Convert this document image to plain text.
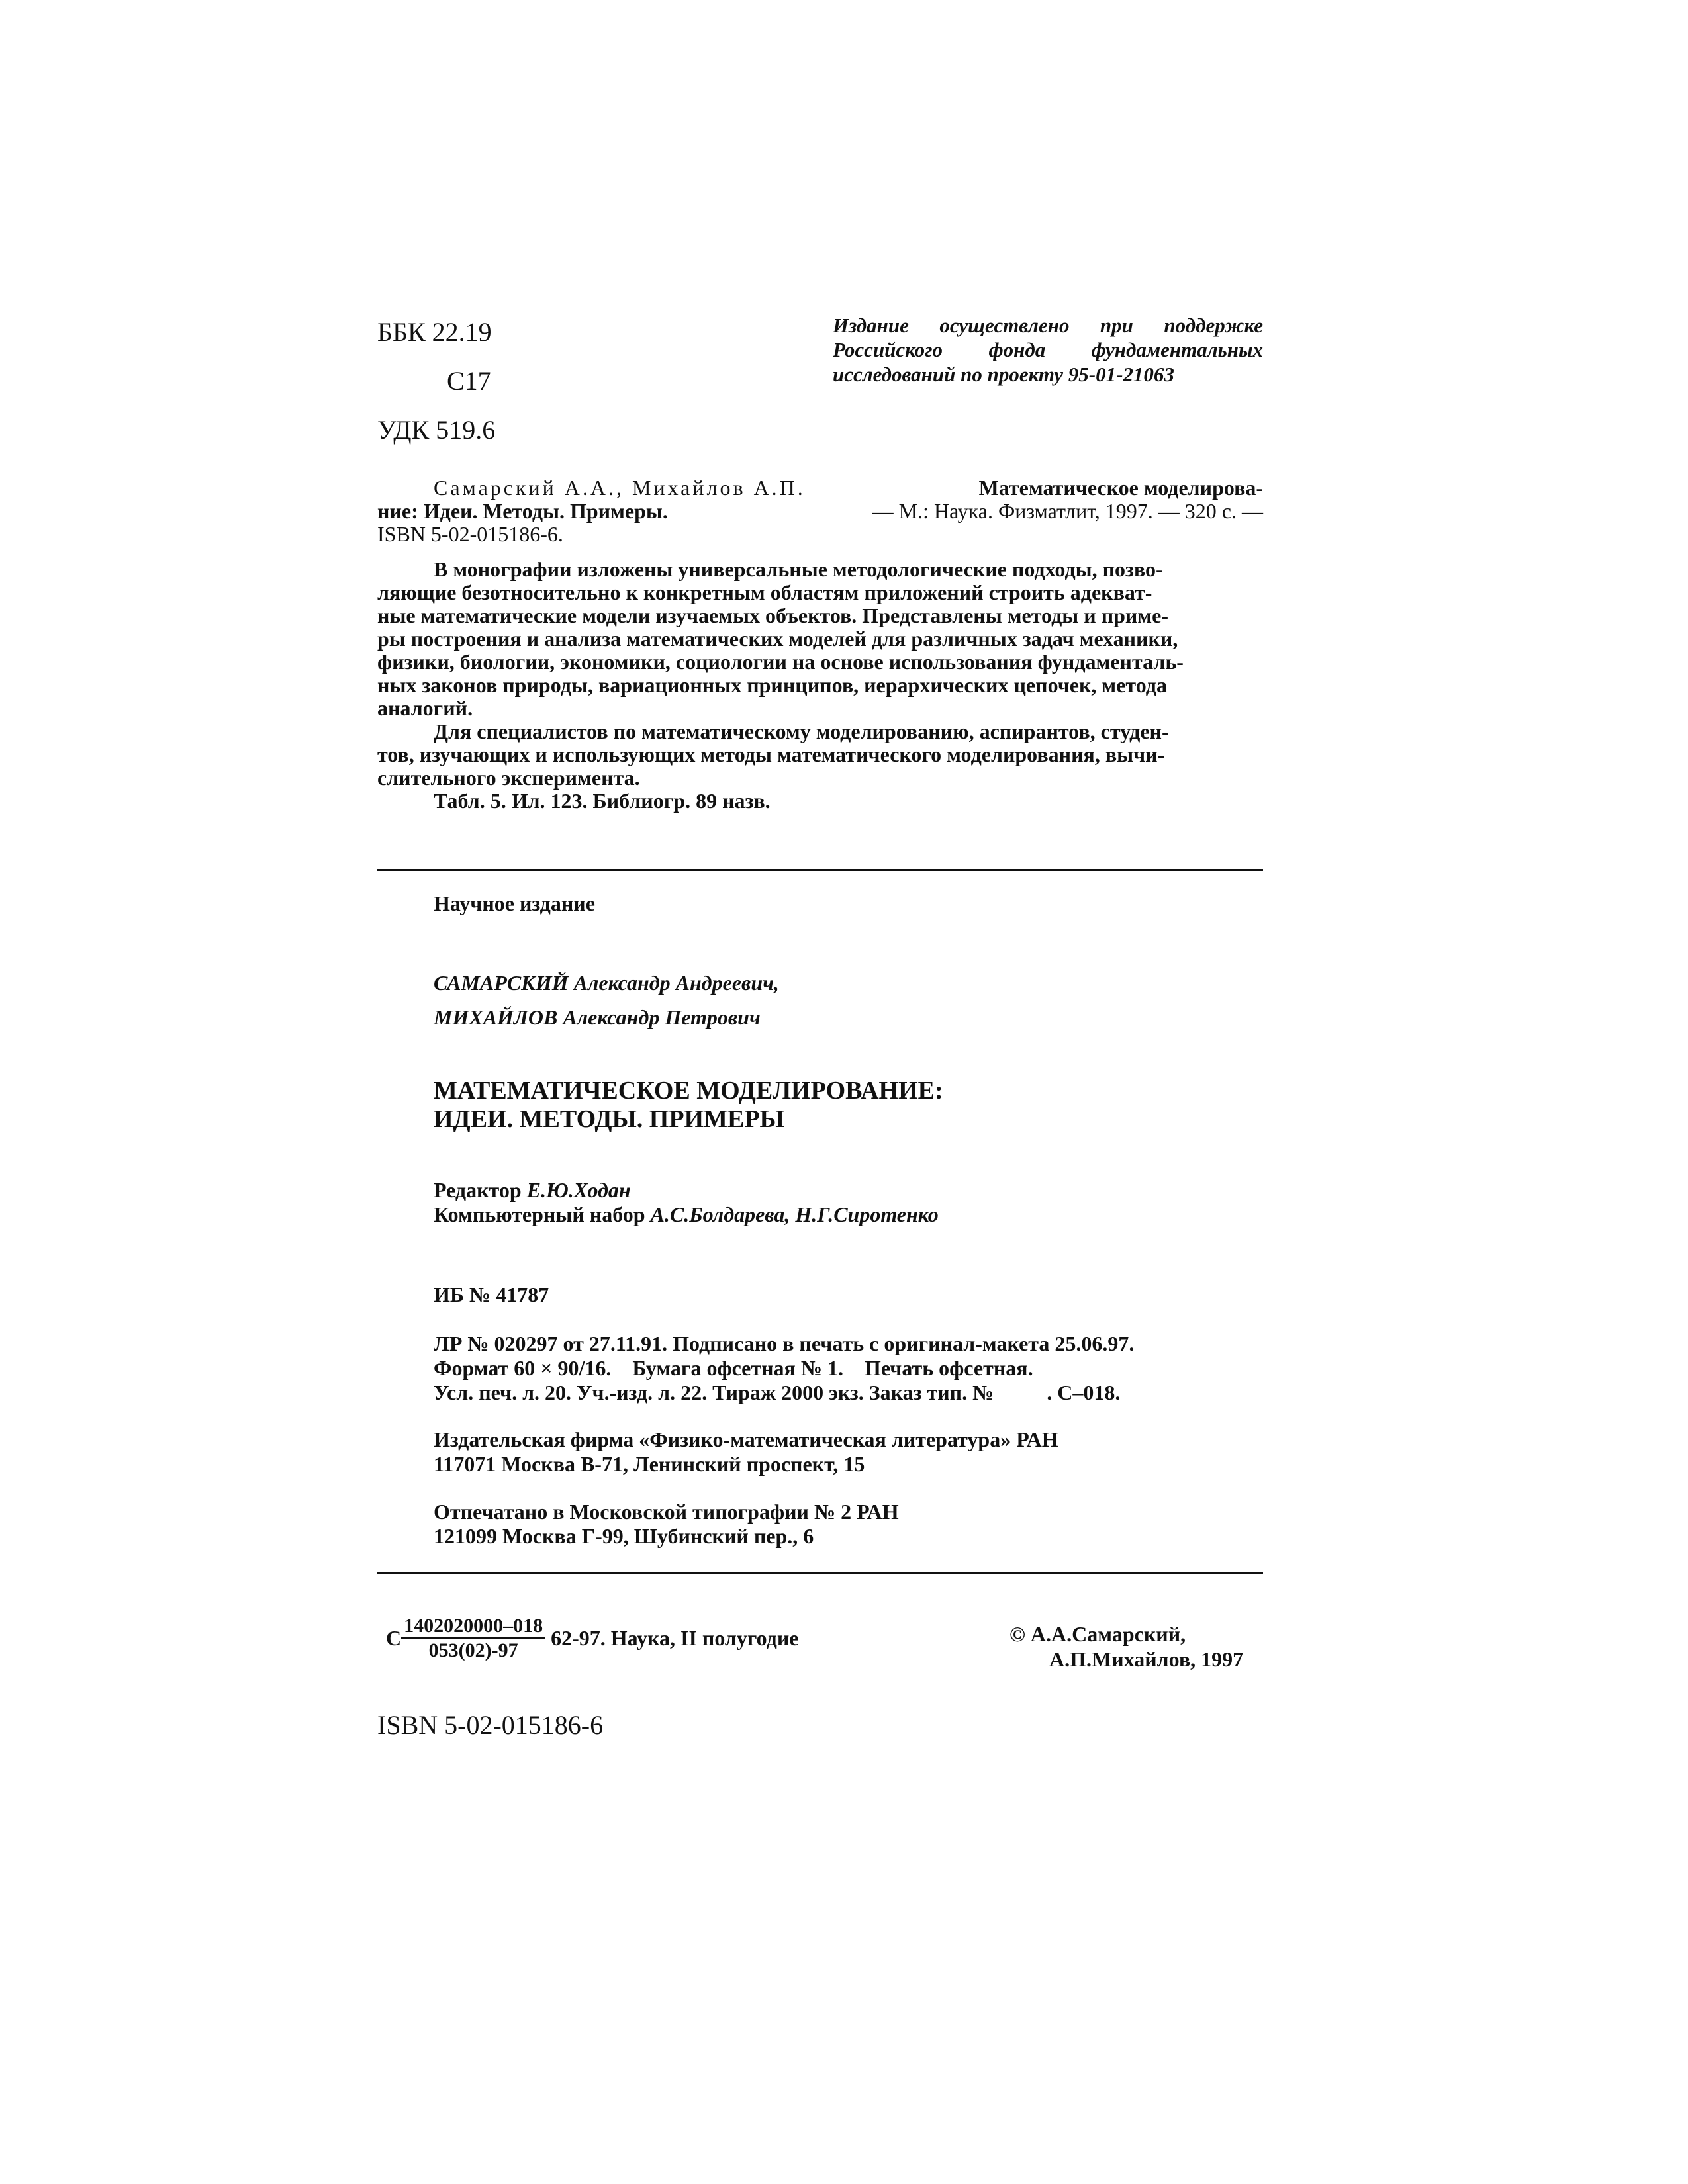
ББК 22.19
С17
УДК 519.6
Издание осуществлено при поддержке
Российского фонда фундаментальных
исследований по проекту 95-01-21063
Самарский А.А., Михайлов А.П.	Математическое моделирова-
ние: Идеи. Методы. Примеры.	— М.: Наука. Физматлит, 1997. — 320 с. —
ISBN 5-02-015186-6.
В монографии изложены универсальные методологические подходы, позво-
ляющие безотносительно к конкретным областям приложений строить адекват-
ные математические модели изучаемых объектов. Представлены методы и приме-
ры построения и анализа математических моделей для различных задач механики,
физики, биологии, экономики, социологии на основе использования фундаменталь-
ных законов природы, вариационных принципов, иерархических цепочек, метода
аналогий.
Для специалистов по математическому моделированию, аспирантов, студен-
тов, изучающих и использующих методы математического моделирования, вычи-
слительного эксперимента.
Табл. 5. Ил. 123. Библиогр. 89 назв.
Научное издание
САМАРСКИЙ Александр Андреевич,
МИХАЙЛОВ Александр Петрович
МАТЕМАТИЧЕСКОЕ МОДЕЛИРОВАНИЕ:
ИДЕИ. МЕТОДЫ. ПРИМЕРЫ
Редактор Е.Ю.Ходан
Компьютерный набор А.С.Болдарева, Н.Г.Сиротенко
ИБ № 41787
ЛР № 020297 от 27.11.91. Подписано в печать с оригинал-макета 25.06.97.
Формат 60 × 90/16.    Бумага офсетная № 1.    Печать офсетная.
Усл. печ. л. 20. Уч.-изд. л. 22. Тираж 2000 экз. Заказ тип. №          . С–018.
Издательская фирма «Физико-математическая литература» РАН
117071 Москва В-71, Ленинский проспект, 15
Отпечатано в Московской типографии № 2 РАН
121099 Москва Г-99, Шубинский пер., 6
С $\frac{1402020000-018}{053(02)-97} 62-97$. Наука, II полугодие	© А.А.Самарский,
А.П.Михайлов, 1997
ISBN 5-02-015186-6
